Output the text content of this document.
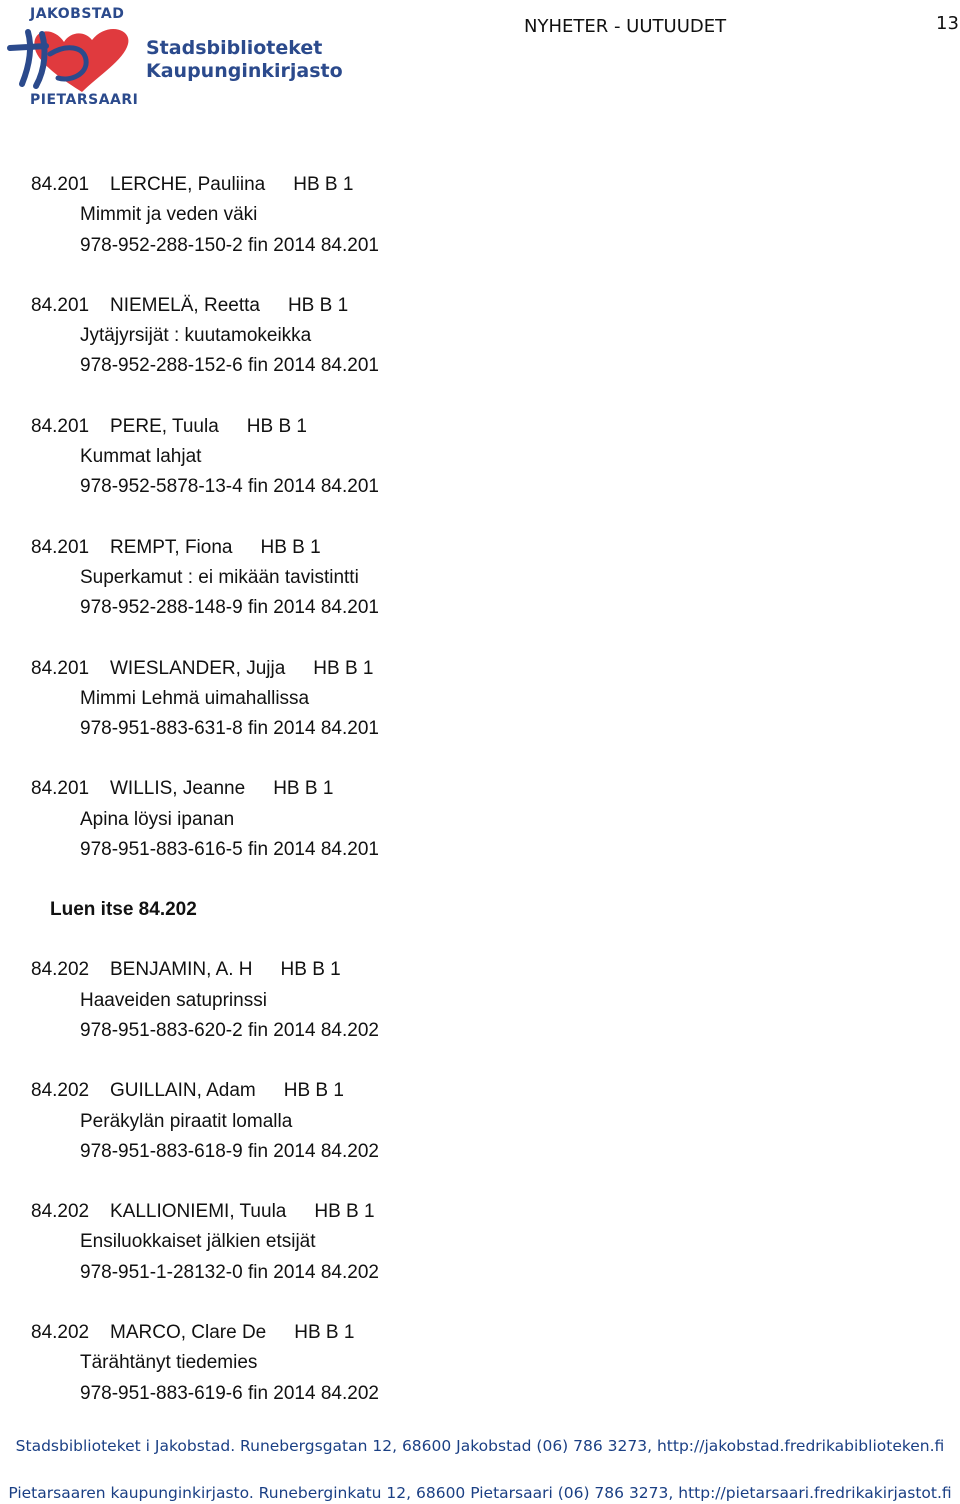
JAKOBSTAD
Stadsbiblioteket
Kaupunginkirjasto
PIETARSAARI
NYHETER - UUTUUDET	13
84.201	LERCHE, Pauliina HB B 1
Mimmit ja veden väki
978-952-288-150-2 fin 2014 84.201
84.201	NIEMELÄ, Reetta HB B 1
Jytäjyrsijät : kuutamokeikka
978-952-288-152-6 fin 2014 84.201
84.201	PERE, Tuula HB B 1
Kummat lahjat
978-952-5878-13-4 fin 2014 84.201
84.201	REMPT, Fiona HB B 1
Superkamut : ei mikään tavistintti
978-952-288-148-9 fin 2014 84.201
84.201	WIESLANDER, Jujja HB B 1
Mimmi Lehmä uimahallissa
978-951-883-631-8 fin 2014 84.201
84.201	WILLIS, Jeanne HB B 1
Apina löysi ipanan
978-951-883-616-5 fin 2014 84.201
Luen itse 84.202
84.202	BENJAMIN, A. H HB B 1
Haaveiden satuprinssi
978-951-883-620-2 fin 2014 84.202
84.202	GUILLAIN, Adam HB B 1
Peräkylän piraatit lomalla
978-951-883-618-9 fin 2014 84.202
84.202	KALLIONIEMI, Tuula HB B 1
Ensiluokkaiset jälkien etsijät
978-951-1-28132-0 fin 2014 84.202
84.202	MARCO, Clare De HB B 1
Tärähtänyt tiedemies
978-951-883-619-6 fin 2014 84.202
Stadsbiblioteket i Jakobstad. Runebergsgatan 12, 68600 Jakobstad (06) 786 3273, http://jakobstad.fredrikabiblioteken.fi
Pietarsaaren kaupunginkirjasto. Runeberginkatu 12, 68600 Pietarsaari (06) 786 3273, http://pietarsaari.fredrikakirjastot.fi
